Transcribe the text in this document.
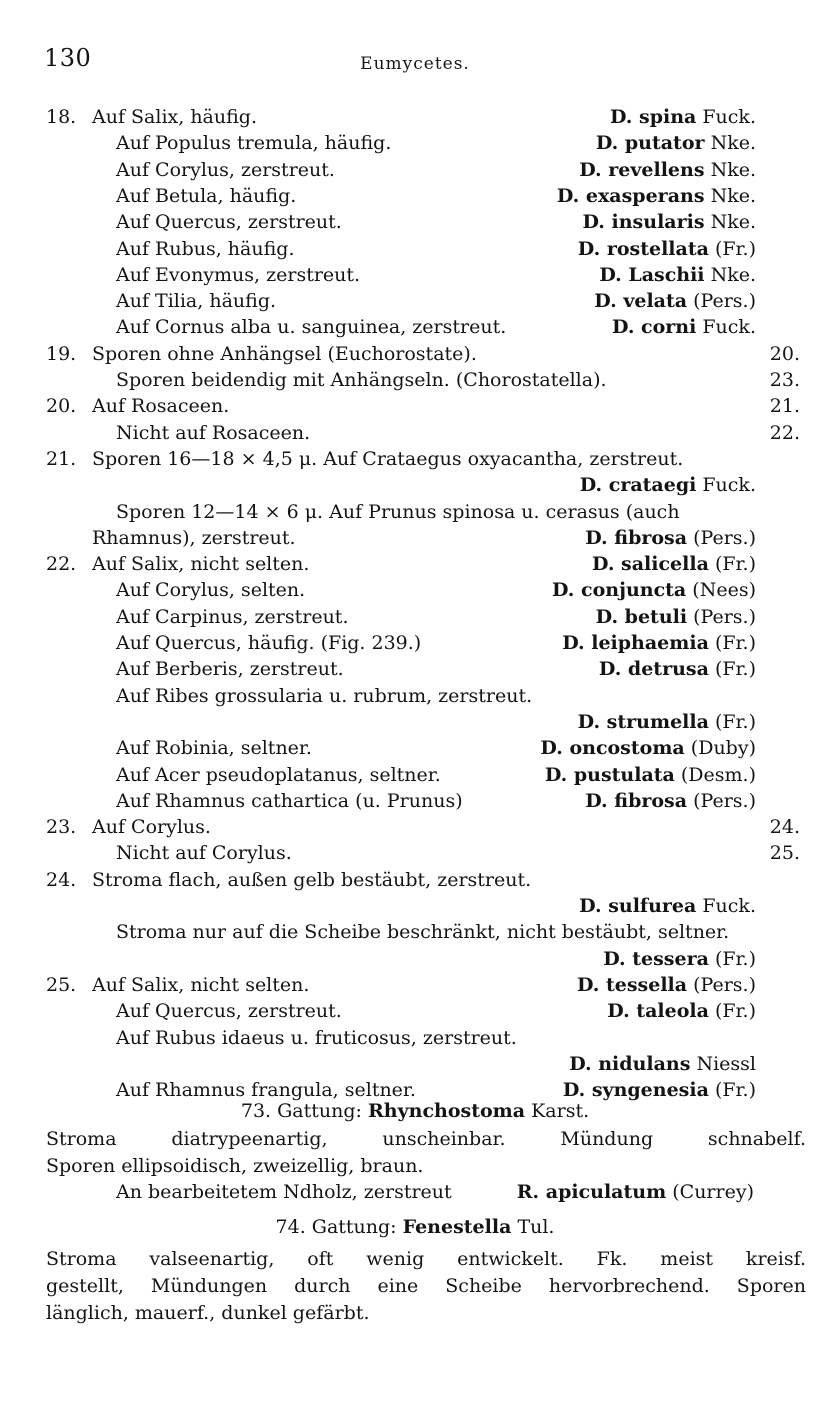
130	Eumycetes.
18. Auf Salix, häufig.	D. spina Fuck.
Auf Populus tremula, häufig.	D. putator Nke.
Auf Corylus, zerstreut.	D. revellens Nke.
Auf Betula, häufig.	D. exasperans Nke.
Auf Quercus, zerstreut.	D. insularis Nke.
Auf Rubus, häufig.	D. rostellata (Fr.)
Auf Evonymus, zerstreut.	D. Laschii Nke.
Auf Tilia, häufig.	D. velata (Pers.)
Auf Cornus alba u. sanguinea, zerstreut.	D. corni Fuck.
19. Sporen ohne Anhängsel (Euchorostate).	20.
Sporen beidendig mit Anhängseln. (Chorostatella).	23.
20. Auf Rosaceen.	21.
Nicht auf Rosaceen.	22.
21. Sporen 16—18 × 4,5 μ. Auf Crataegus oxyacantha, zerstreut.
D. crataegi Fuck.
Sporen 12—14 × 6 μ. Auf Prunus spinosa u. cerasus (auch
Rhamnus), zerstreut.	D. fibrosa (Pers.)
22. Auf Salix, nicht selten.	D. salicella (Fr.)
Auf Corylus, selten.	D. conjuncta (Nees)
Auf Carpinus, zerstreut.	D. betuli (Pers.)
Auf Quercus, häufig. (Fig. 239.)	D. leiphaemia (Fr.)
Auf Berberis, zerstreut.	D. detrusa (Fr.)
Auf Ribes grossularia u. rubrum, zerstreut.
D. strumella (Fr.)
Auf Robinia, seltner.	D. oncostoma (Duby)
Auf Acer pseudoplatanus, seltner.	D. pustulata (Desm.)
Auf Rhamnus cathartica (u. Prunus)	D. fibrosa (Pers.)
23. Auf Corylus.	24.
Nicht auf Corylus.	25.
24. Stroma flach, außen gelb bestäubt, zerstreut.
D. sulfurea Fuck.
Stroma nur auf die Scheibe beschränkt, nicht bestäubt, seltner.
D. tessera (Fr.)
25. Auf Salix, nicht selten.	D. tessella (Pers.)
Auf Quercus, zerstreut.	D. taleola (Fr.)
Auf Rubus idaeus u. fruticosus, zerstreut.
D. nidulans Niessl
Auf Rhamnus frangula, seltner.	D. syngenesia (Fr.)
73. Gattung: Rhynchostoma Karst.
Stroma diatrypeenartig, unscheinbar. Mündung schnabelf.
Sporen ellipsoidisch, zweizellig, braun.
An bearbeitetem Ndholz, zerstreut	R. apiculatum (Currey)
74. Gattung: Fenestella Tul.
Stroma valseenartig, oft wenig entwickelt. Fk. meist kreisf.
gestellt, Mündungen durch eine Scheibe hervorbrechend. Sporen
länglich, mauerf., dunkel gefärbt.
